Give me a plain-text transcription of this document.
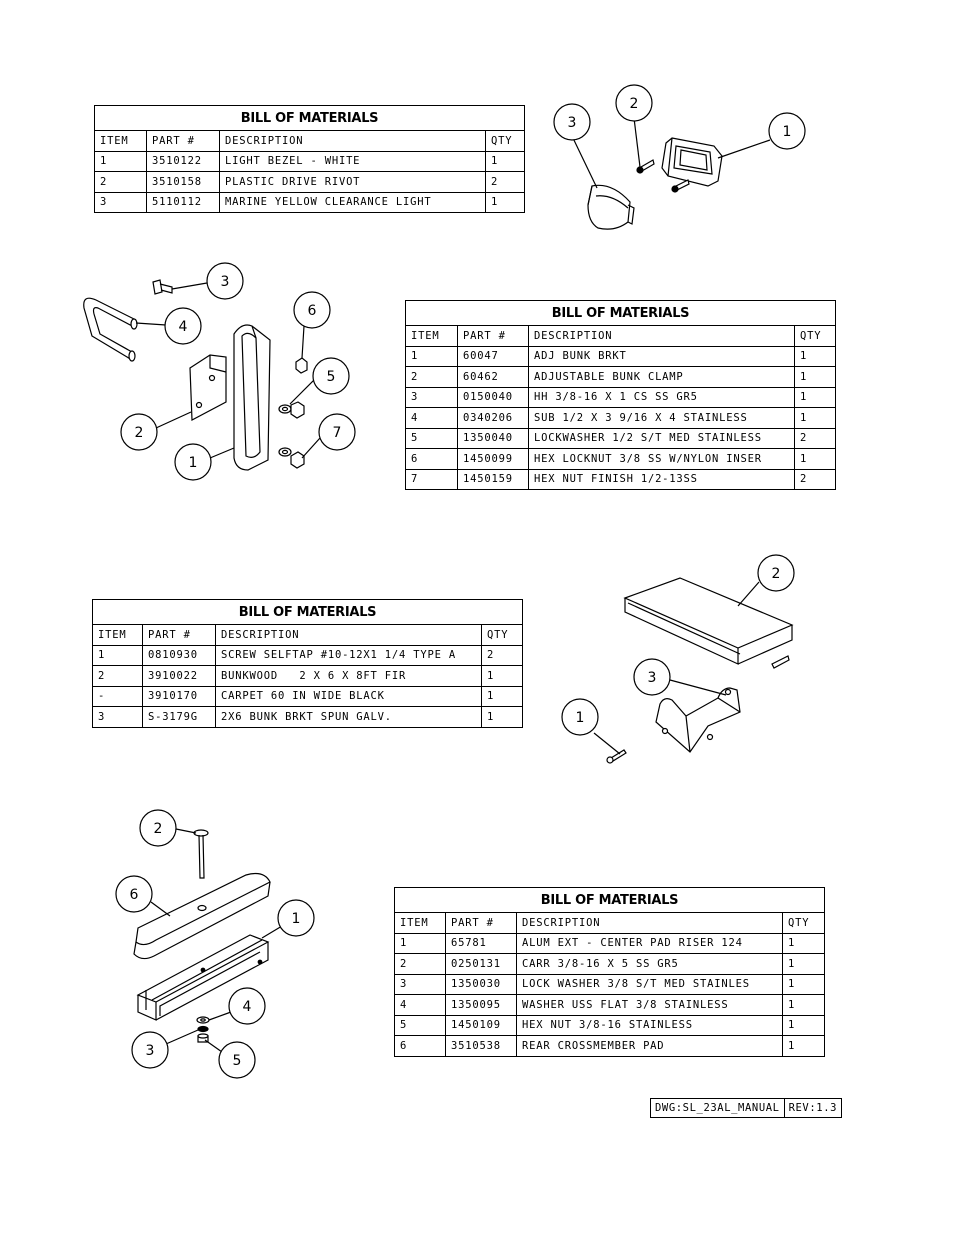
BILL OF MATERIALS			
ITEM	PART #	DESCRIPTION	QTY
1	3510122	LIGHT BEZEL - WHITE	1
2	3510158	PLASTIC DRIVE RIVOT	2
3	5110112	MARINE YELLOW CLEARANCE LIGHT	1
3
2
1
3
6
4
5
2	7
1
BILL OF MATERIALS			
ITEM	PART #	DESCRIPTION	QTY
1	60047	ADJ BUNK BRKT	1
2	60462	ADJUSTABLE BUNK CLAMP	1
3	0150040	HH 3/8-16 X 1 CS SS GR5	1
4	0340206	SUB 1/2 X 3 9/16 X 4 STAINLESS	1
5	1350040	LOCKWASHER 1/2 S/T MED STAINLESS	2
6	1450099	HEX LOCKNUT 3/8 SS W/NYLON INSER	1
7	1450159	HEX NUT FINISH 1/2-13SS	2
2
3
1
BILL OF MATERIALS			
ITEM	PART #	DESCRIPTION	QTY
1	0810930	SCREW SELFTAP #10-12X1 1/4 TYPE A	2
2	3910022	BUNKWOOD   2 X 6 X 8FT FIR	1
-	3910170	CARPET 60 IN WIDE BLACK	1
3	S-3179G	2X6 BUNK BRKT SPUN GALV.	1
2
6
1
4
3
5
BILL OF MATERIALS			
ITEM	PART #	DESCRIPTION	QTY
1	65781	ALUM EXT - CENTER PAD RISER 124	1
2	0250131	CARR 3/8-16 X 5 SS GR5	1
3	1350030	LOCK WASHER 3/8 S/T MED STAINLES	1
4	1350095	WASHER USS FLAT 3/8 STAINLESS	1
5	1450109	HEX NUT 3/8-16 STAINLESS	1
6	3510538	REAR CROSSMEMBER PAD	1
DWG:SL_23AL_MANUAL	REV:1.3
